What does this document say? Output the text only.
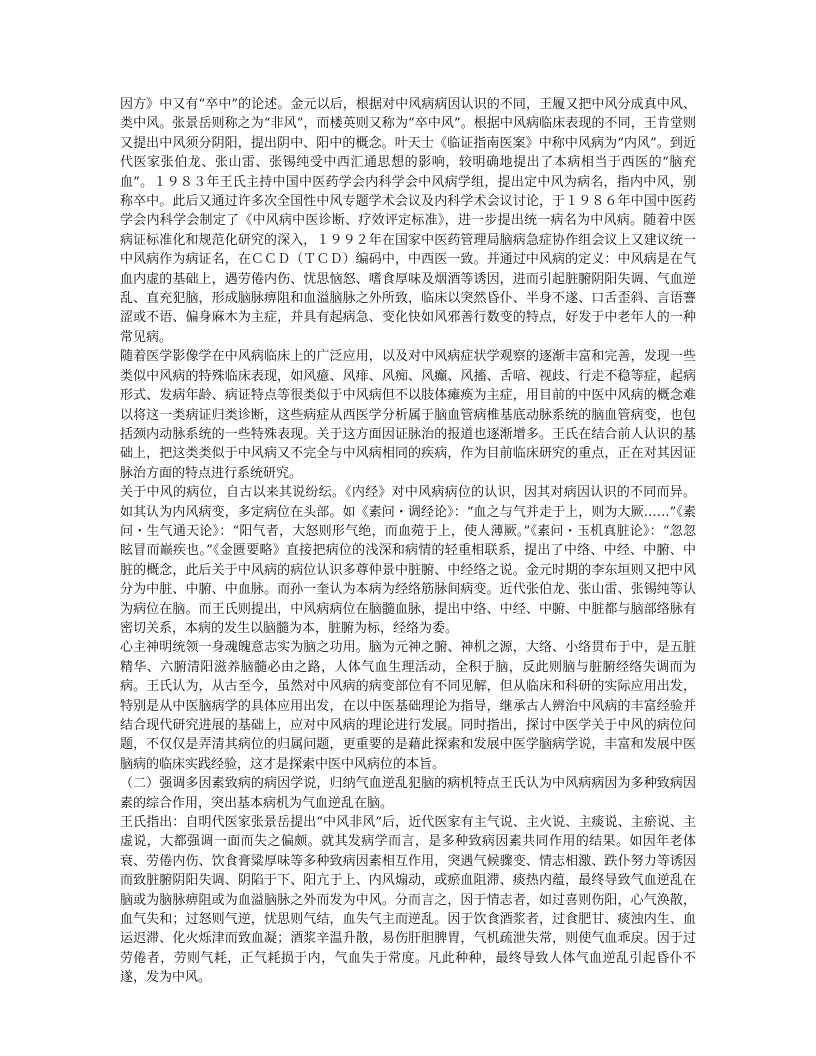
因方》中又有“卒中”的论述。金元以后，根据对中风病病因认识的不同，王履又把中风分成真中风、类中风。张景岳则称之为“非风”，而楼英则又称为“卒中风”。根据中风病临床表现的不同，王肯堂则又提出中风须分阴阳，提出阴中、阳中的概念。叶天士《临证指南医案》中称中风病为“内风”。到近代医家张伯龙、张山雷、张锡纯受中西汇通思想的影响，较明确地提出了本病相当于西医的“脑充血”。１９８３年王氏主持中国中医药学会内科学会中风病学组，提出定中风为病名，指内中风，别称卒中。此后又通过许多次全国性中风专题学术会议及内科学术会议讨论，于１９８６年中国中医药学会内科学会制定了《中风病中医诊断、疗效评定标准》，进一步提出统一病名为中风病。随着中医病证标准化和规范化研究的深入，１９９２年在国家中医药管理局脑病急症协作组会议上又建议统一中风病作为病证名，在ＣＣＤ（ＴＣＤ）编码中，中西医一致。并通过中风病的定义：中风病是在气血内虚的基础上，遇劳倦内伤、忧思恼怒、嗜食厚味及烟酒等诱因，进而引起脏腑阴阳失调、气血逆乱、直充犯脑，形成脑脉痹阻和血溢脑脉之外所致，临床以突然昏仆、半身不遂、口舌歪斜、言语謇涩或不语、偏身麻木为主症，并具有起病急、变化快如风邪善行数变的特点，好发于中老年人的一种常见病。

随着医学影像学在中风病临床上的广泛应用，以及对中风病症状学观察的逐渐丰富和完善，发现一些类似中风病的特殊临床表现，如风癔、风痱、风痴、风癫、风搐、舌喑、视歧、行走不稳等症，起病形式、发病年龄、病证特点等很类似于中风病但不以肢体瘫痪为主症，用目前的中医中风病的概念难以将这一类病证归类诊断，这些病症从西医学分析属于脑血管病椎基底动脉系统的脑血管病变，也包括颈内动脉系统的一些特殊表现。关于这方面因证脉治的报道也逐渐增多。王氏在结合前人认识的基础上，把这类类似于中风病又不完全与中风病相同的疾病，作为目前临床研究的重点，正在对其因证脉治方面的特点进行系统研究。

关于中风的病位，自古以来其说纷纭。《内经》对中风病病位的认识，因其对病因认识的不同而异。如其认为内风病变，多定病位在头部。如《素问・调经论》：“血之与气并走于上，则为大厥……”《素问・生气通天论》：“阳气者，大怒则形气绝，而血菀于上，使人薄厥。”《素问・玉机真脏论》：“忽忽眩冒而巅疾也。”《金匮要略》直接把病位的浅深和病情的轻重相联系，提出了中络、中经、中腑、中脏的概念，此后关于中风病的病位认识多尊仲景中脏腑、中经络之说。金元时期的李东垣则又把中风分为中脏、中腑、中血脉。而孙一奎认为本病为经络筋脉间病变。近代张伯龙、张山雷、张锡纯等认为病位在脑。而王氏则提出，中风病病位在脑髓血脉，提出中络、中经、中腑、中脏都与脑部络脉有密切关系，本病的发生以脑髓为本，脏腑为标，经络为委。

心主神明统领一身魂魄意志实为脑之功用。脑为元神之腑、神机之源，大络、小络贯布于中，是五脏精华、六腑清阳滋养脑髓必由之路，人体气血生理活动，全积于脑，反此则脑与脏腑经络失调而为病。王氏认为，从古至今，虽然对中风病的病变部位有不同见解，但从临床和科研的实际应用出发，特别是从中医脑病学的具体应用出发，在以中医基础理论为指导，继承古人辨治中风病的丰富经验并结合现代研究进展的基础上，应对中风病的理论进行发展。同时指出，探讨中医学关于中风的病位问题，不仅仅是弄清其病位的归属问题，更重要的是藉此探索和发展中医学脑病学说，丰富和发展中医脑病的临床实践经验，这才是探索中医中风病位的本旨。

（二）强调多因素致病的病因学说，归纳气血逆乱犯脑的病机特点王氏认为中风病病因为多种致病因素的综合作用，突出基本病机为气血逆乱在脑。

王氏指出：自明代医家张景岳提出“中风非风”后，近代医家有主气说、主火说、主痰说、主瘀说、主虚说，大都强调一面而失之偏颇。就其发病学而言，是多种致病因素共同作用的结果。如因年老体衰、劳倦内伤、饮食膏粱厚味等多种致病因素相互作用，突遇气候骤变、情志相激、跌仆努力等诱因而致脏腑阴阳失调、阴陷于下、阳亢于上、内风煽动，或瘀血阻滞、痰热内蕴，最终导致气血逆乱在脑或为脑脉痹阻或为血溢脑脉之外而发为中风。分而言之，因于情志者，如过喜则伤阳，心气涣散，血气失和；过怒则气逆，忧思则气结，血失气主而逆乱。因于饮食酒浆者，过食肥甘、痰浊内生、血运迟滞、化火烁津而致血凝；酒浆辛温升散，易伤肝胆脾胃，气机疏泄失常，则使气血乖戾。因于过劳倦者，劳则气耗，正气耗损于内，气血失于常度。凡此种种，最终导致人体气血逆乱引起昏仆不遂，发为中风。
